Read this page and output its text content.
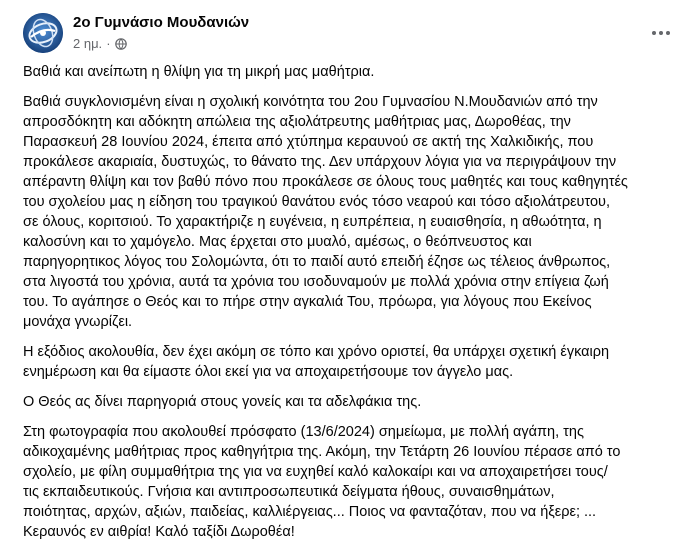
2ο Γυμνάσιο Μουδανιών
2 ημ. ·

Βαθιά και ανείπωτη η θλίψη για τη μικρή μας μαθήτρια.

Βαθιά συγκλονισμένη είναι η σχολική κοινότητα του 2ου Γυμνασίου Ν.Μουδανιών από την
απροσδόκητη και αδόκητη απώλεια της αξιολάτρευτης μαθήτριας μας, Δωροθέας, την
Παρασκευή 28 Ιουνίου 2024, έπειτα από χτύπημα κεραυνού σε ακτή της Χαλκιδικής, που
προκάλεσε ακαριαία, δυστυχώς, το θάνατο της. Δεν υπάρχουν λόγια για να περιγράψουν την
απέραντη θλίψη και τον βαθύ πόνο που προκάλεσε σε όλους τους μαθητές και τους καθηγητές
του σχολείου μας η είδηση του τραγικού θανάτου ενός τόσο νεαρού και τόσο αξιολάτρευτου,
σε όλους, κοριτσιού. Το χαρακτήριζε η ευγένεια, η ευπρέπεια, η ευαισθησία, η αθωότητα, η
καλοσύνη και το χαμόγελο. Μας έρχεται στο μυαλό, αμέσως, ο θεόπνευστος και
παρηγορητικος λόγος του Σολομώντα, ότι το παιδί αυτό επειδή έζησε ως τέλειος άνθρωπος,
στα λιγοστά του χρόνια, αυτά τα χρόνια του ισοδυναμούν με πολλά χρόνια στην επίγεια ζωή
του. Το αγάπησε ο Θεός και το πήρε στην αγκαλιά Του, πρόωρα, για λόγους που Εκείνος
μονάχα γνωρίζει.

Η εξόδιος ακολουθία, δεν έχει ακόμη σε τόπο και χρόνο οριστεί, θα υπάρχει σχετική έγκαιρη
ενημέρωση και θα είμαστε όλοι εκεί για να αποχαιρετήσουμε τον άγγελο μας.

Ο Θεός ας δίνει παρηγοριά στους γονείς και τα αδελφάκια της.

Στη φωτογραφία που ακολουθεί πρόσφατο (13/6/2024) σημείωμα, με πολλή αγάπη, της
αδικοχαμένης μαθήτριας προς καθηγήτρια της. Ακόμη, την Τετάρτη 26 Ιουνίου πέρασε από το
σχολείο, με φίλη συμμαθήτρια της για να ευχηθεί καλό καλοκαίρι και να αποχαιρετήσει τους/
τις εκπαιδευτικούς. Γνήσια και αντιπροσωπευτικά δείγματα ήθους, συναισθημάτων,
ποιότητας, αρχών, αξιών, παιδείας, καλλιέργειας... Ποιος να φανταζόταν, που να ήξερε; ...
Κεραυνός εν αιθρία! Καλό ταξίδι Δωροθέα!
